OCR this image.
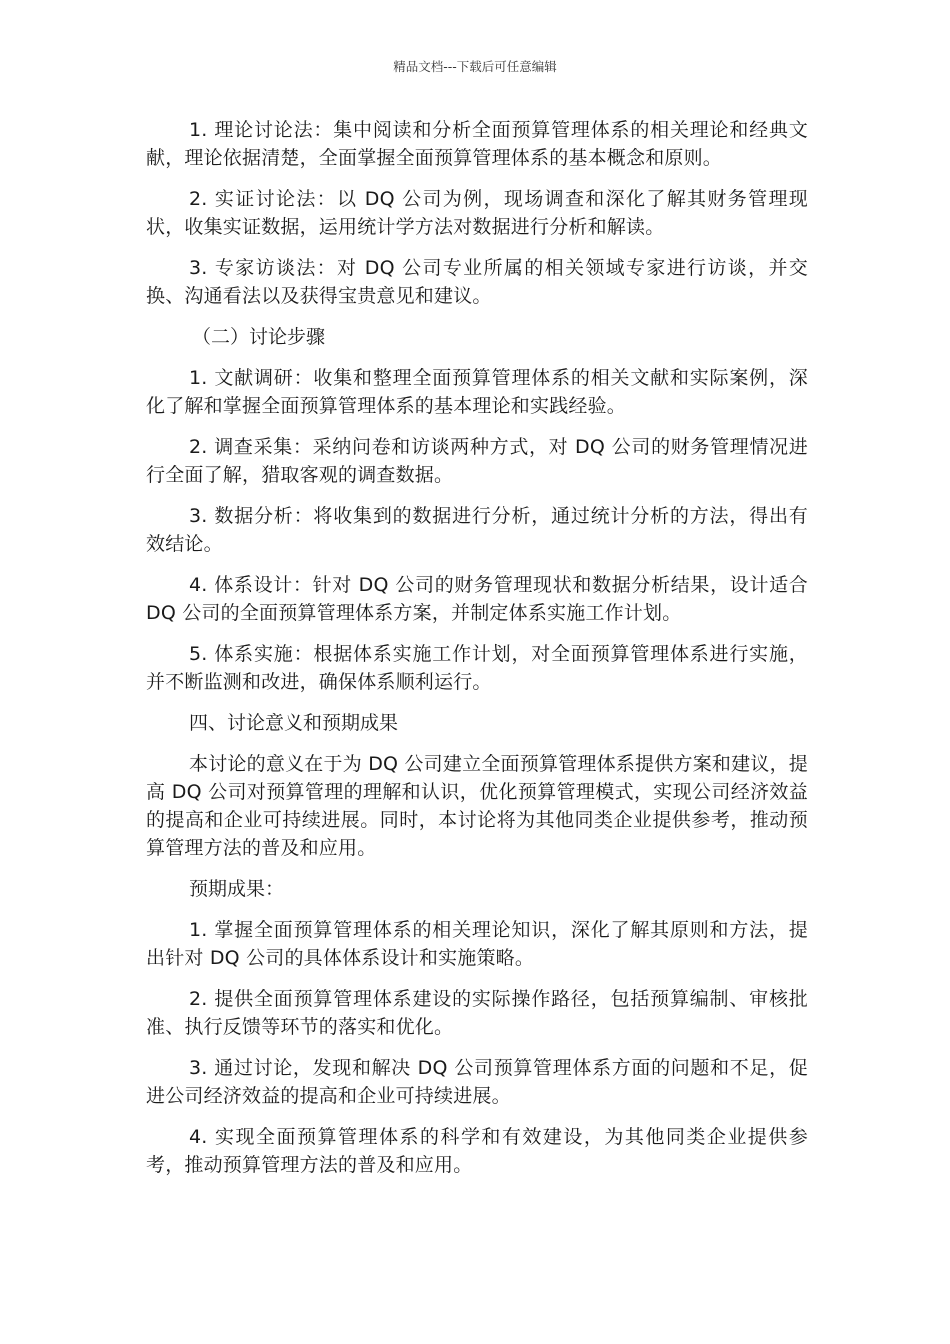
精品文档---下载后可任意编辑

1. 理论讨论法：集中阅读和分析全面预算管理体系的相关理论和经典文献，理论依据清楚，全面掌握全面预算管理体系的基本概念和原则。

2. 实证讨论法：以 DQ 公司为例，现场调查和深化了解其财务管理现状，收集实证数据，运用统计学方法对数据进行分析和解读。

3. 专家访谈法：对 DQ 公司专业所属的相关领域专家进行访谈，并交换、沟通看法以及获得宝贵意见和建议。

（二）讨论步骤

1. 文献调研：收集和整理全面预算管理体系的相关文献和实际案例，深化了解和掌握全面预算管理体系的基本理论和实践经验。

2. 调查采集：采纳问卷和访谈两种方式，对 DQ 公司的财务管理情况进行全面了解，猎取客观的调查数据。

3. 数据分析：将收集到的数据进行分析，通过统计分析的方法，得出有效结论。

4. 体系设计：针对 DQ 公司的财务管理现状和数据分析结果，设计适合 DQ 公司的全面预算管理体系方案，并制定体系实施工作计划。

5. 体系实施：根据体系实施工作计划，对全面预算管理体系进行实施，并不断监测和改进，确保体系顺利运行。

四、讨论意义和预期成果

本讨论的意义在于为 DQ 公司建立全面预算管理体系提供方案和建议，提高 DQ 公司对预算管理的理解和认识，优化预算管理模式，实现公司经济效益的提高和企业可持续进展。同时，本讨论将为其他同类企业提供参考，推动预算管理方法的普及和应用。

预期成果：

1. 掌握全面预算管理体系的相关理论知识，深化了解其原则和方法，提出针对 DQ 公司的具体体系设计和实施策略。

2. 提供全面预算管理体系建设的实际操作路径，包括预算编制、审核批准、执行反馈等环节的落实和优化。

3. 通过讨论，发现和解决 DQ 公司预算管理体系方面的问题和不足，促进公司经济效益的提高和企业可持续进展。

4. 实现全面预算管理体系的科学和有效建设，为其他同类企业提供参考，推动预算管理方法的普及和应用。
